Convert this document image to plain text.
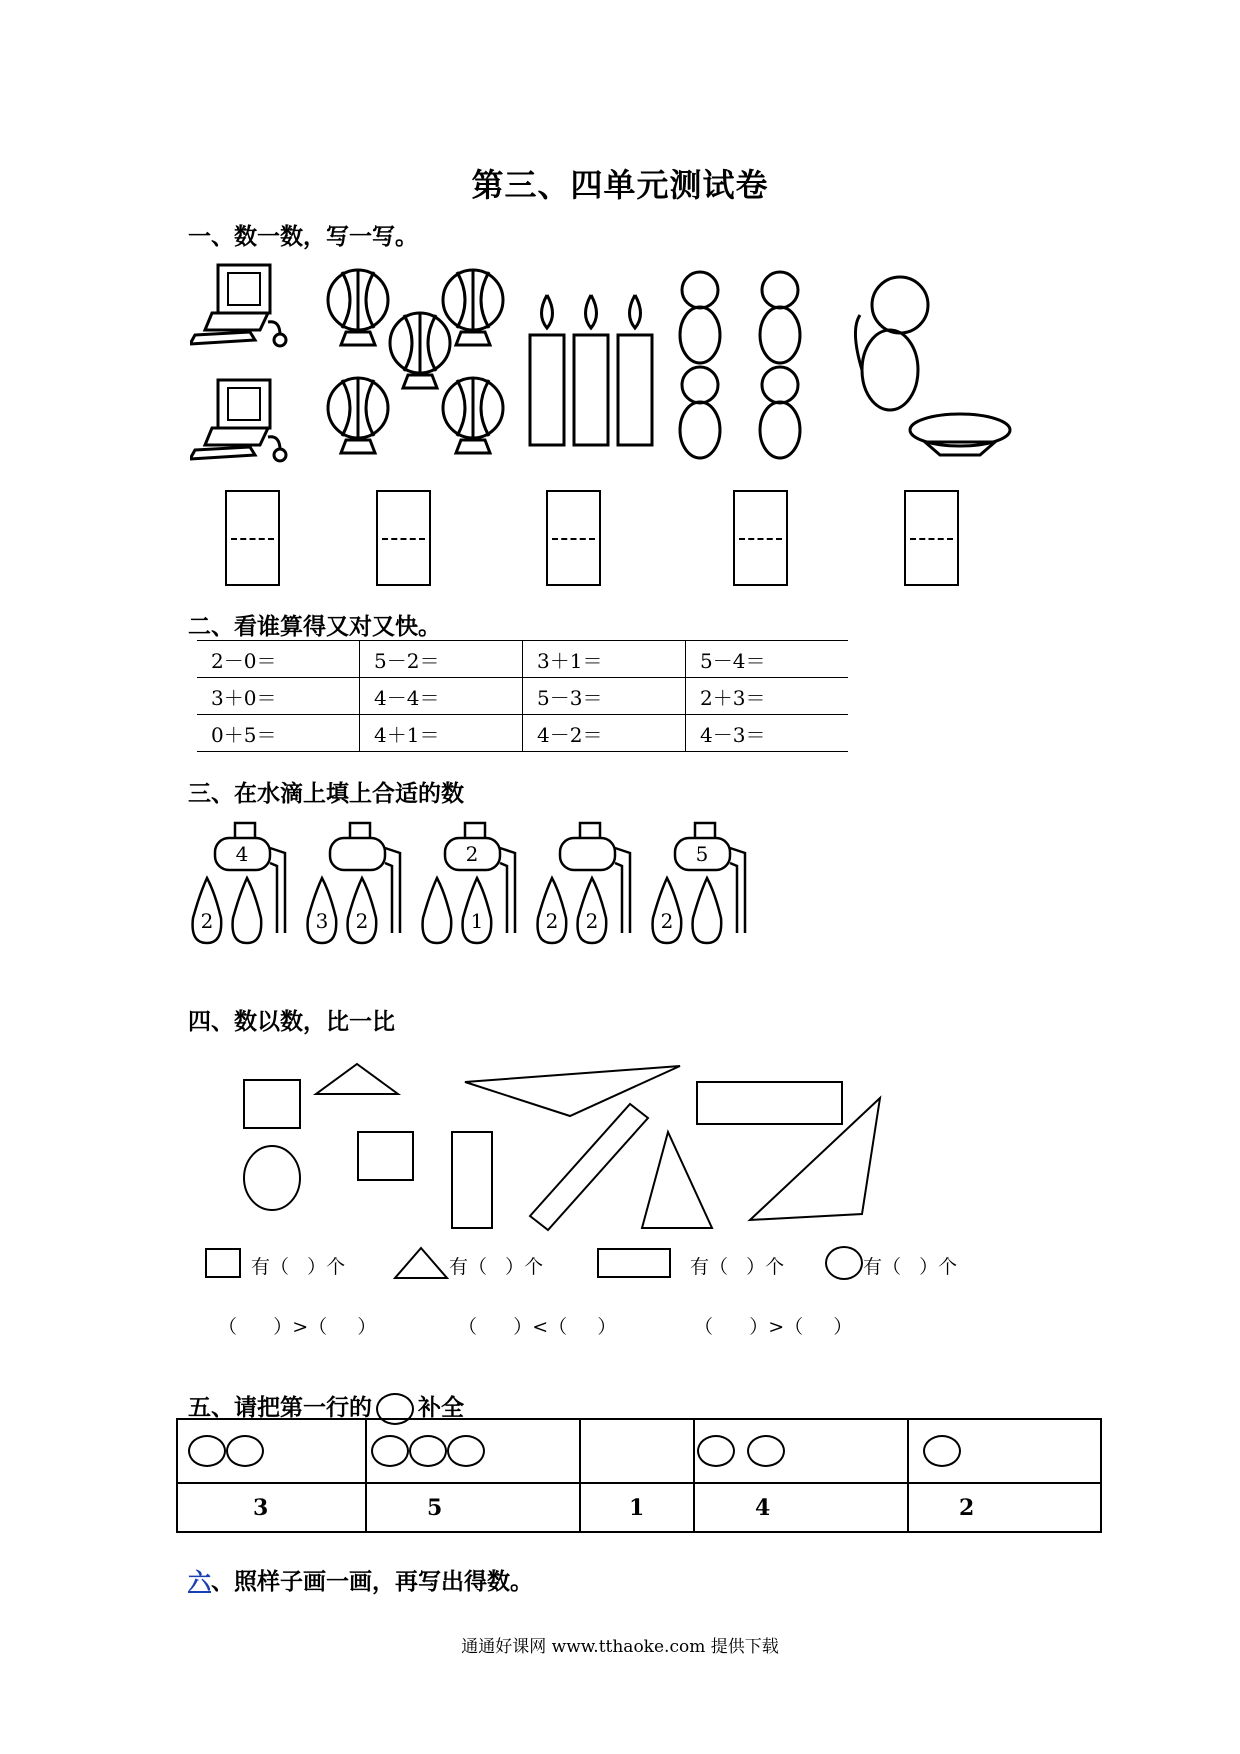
第三、四单元测试卷
一、数一数，写一写。
二、看谁算得又对又快。
2－0＝	5－2＝	3＋1＝	5－4＝
3＋0＝	4－4＝	5－3＝	2＋3＝
0＋5＝	4＋1＝	4－2＝	4－3＝
三、在水滴上填上合适的数
4
2	3 2
2
1	2 2
5
2
四、数以数，比一比
有（ ）个	有（ ）个	有（ ）个	有（ ）个
（ ）>（ ）	（ ）<（ ）	（ ）>（ ）
五、请把第一行的 补全

3	5	1	4	2
六、照样子画一画，再写出得数。
通通好课网 www.tthaoke.com 提供下载
